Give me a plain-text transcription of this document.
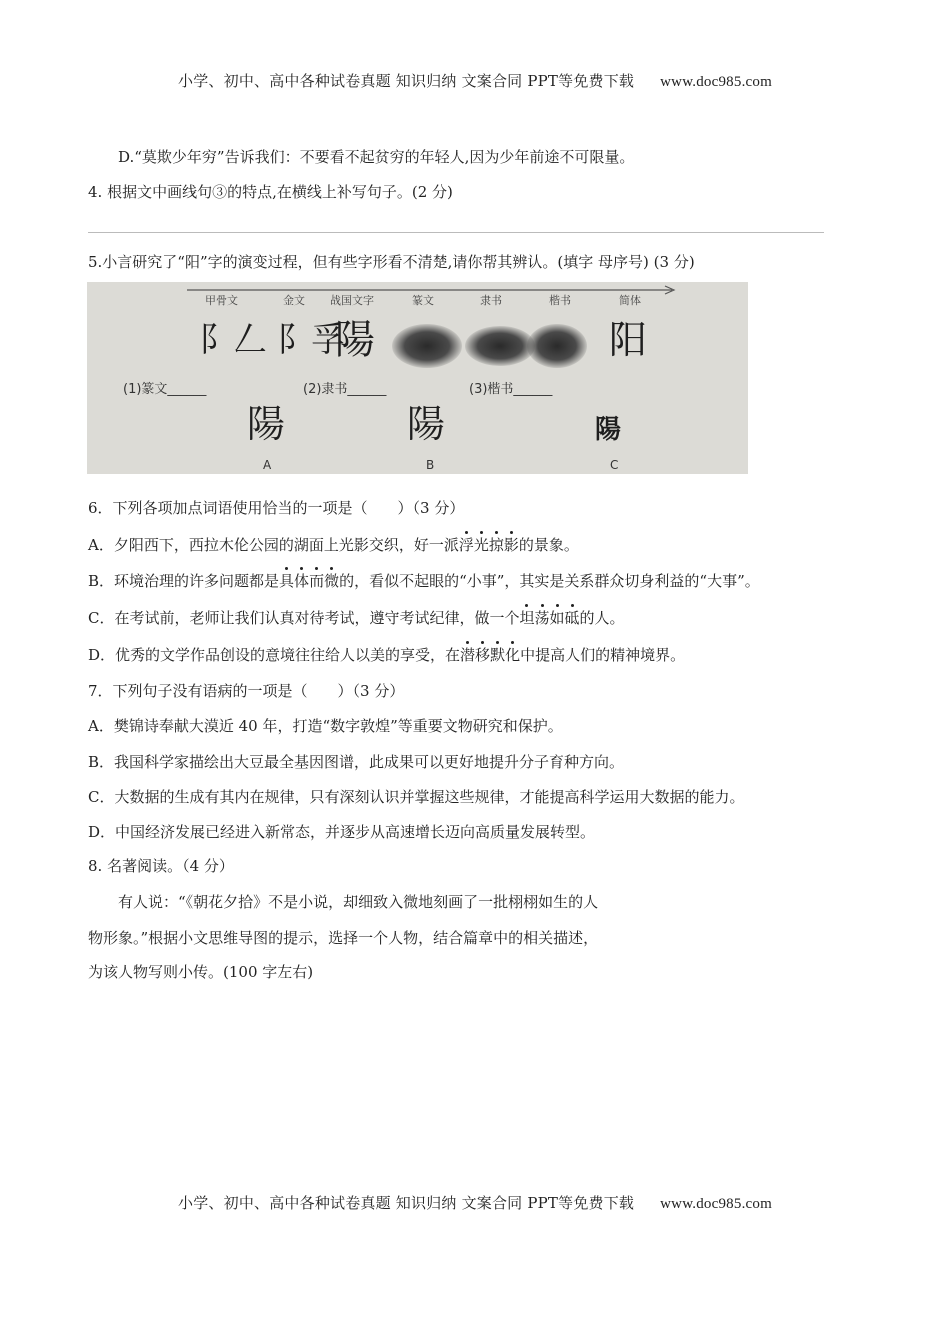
小学、初中、高中各种试卷真题 知识归纳 文案合同 PPT等免费下载 www.doc985.com
D.“莫欺少年穷”告诉我们：不要看不起贫穷的年轻人,因为少年前途不可限量。
4. 根据文中画线句③的特点,在横线上补写句子。(2 分)
5.小言研究了“阳”字的演变过程，但有些字形看不清楚,请你帮其辨认。(填字 母序号) (3 分)
甲骨文	金文 战国文字	篆文	隶书	楷书	简体
阝𠃋 阝孚
陽	阳
(1)篆文______	(2)隶书______	(3)楷书______
陽	陽	陽
A	B	C
6．下列各项加点词语使用恰当的一项是（　　）（3 分）
A．夕阳西下，西拉木伦公园的湖面上光影交织，好一派浮光掠影的景象。
B．环境治理的许多问题都是具体而微的，看似不起眼的“小事”，其实是关系群众切身利益的“大事”。
C．在考试前，老师让我们认真对待考试，遵守考试纪律，做一个坦荡如砥的人。
D．优秀的文学作品创设的意境往往给人以美的享受，在潜移默化中提高人们的精神境界。
7．下列句子没有语病的一项是（　　）（3 分）
A．樊锦诗奉献大漠近 40 年，打造“数字敦煌”等重要文物研究和保护。
B．我国科学家描绘出大豆最全基因图谱，此成果可以更好地提升分子育种方向。
C．大数据的生成有其内在规律，只有深刻认识并掌握这些规律，才能提高科学运用大数据的能力。
D．中国经济发展已经进入新常态，并逐步从高速增长迈向高质量发展转型。
8. 名著阅读。（4 分）
有人说：“《朝花夕拾》不是小说，却细致入微地刻画了一批栩栩如生的人
物形象。”根据小文思维导图的提示，选择一个人物，结合篇章中的相关描述，
为该人物写则小传。(100 字左右)
小学、初中、高中各种试卷真题 知识归纳 文案合同 PPT等免费下载 www.doc985.com
